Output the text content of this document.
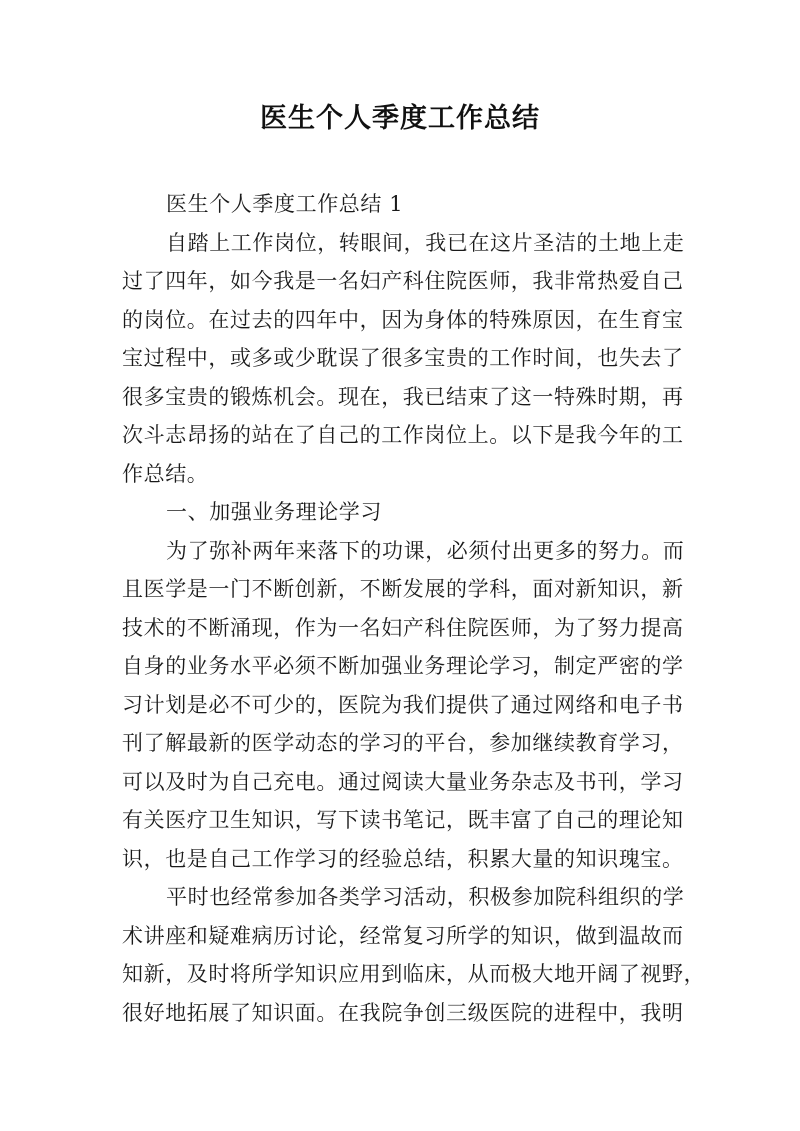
医生个人季度工作总结
医生个人季度工作总结 1
自踏上工作岗位，转眼间，我已在这片圣洁的土地上走
过了四年，如今我是一名妇产科住院医师，我非常热爱自己
的岗位。在过去的四年中，因为身体的特殊原因，在生育宝
宝过程中，或多或少耽误了很多宝贵的工作时间，也失去了
很多宝贵的锻炼机会。现在，我已结束了这一特殊时期，再
次斗志昂扬的站在了自己的工作岗位上。以下是我今年的工
作总结。
一、加强业务理论学习
为了弥补两年来落下的功课，必须付出更多的努力。而
且医学是一门不断创新，不断发展的学科，面对新知识，新
技术的不断涌现，作为一名妇产科住院医师，为了努力提高
自身的业务水平必须不断加强业务理论学习，制定严密的学
习计划是必不可少的，医院为我们提供了通过网络和电子书
刊了解最新的医学动态的学习的平台，参加继续教育学习，
可以及时为自己充电。通过阅读大量业务杂志及书刊，学习
有关医疗卫生知识，写下读书笔记，既丰富了自己的理论知
识，也是自己工作学习的经验总结，积累大量的知识瑰宝。
平时也经常参加各类学习活动，积极参加院科组织的学
术讲座和疑难病历讨论，经常复习所学的知识，做到温故而
知新，及时将所学知识应用到临床，从而极大地开阔了视野，
很好地拓展了知识面。在我院争创三级医院的进程中，我明
